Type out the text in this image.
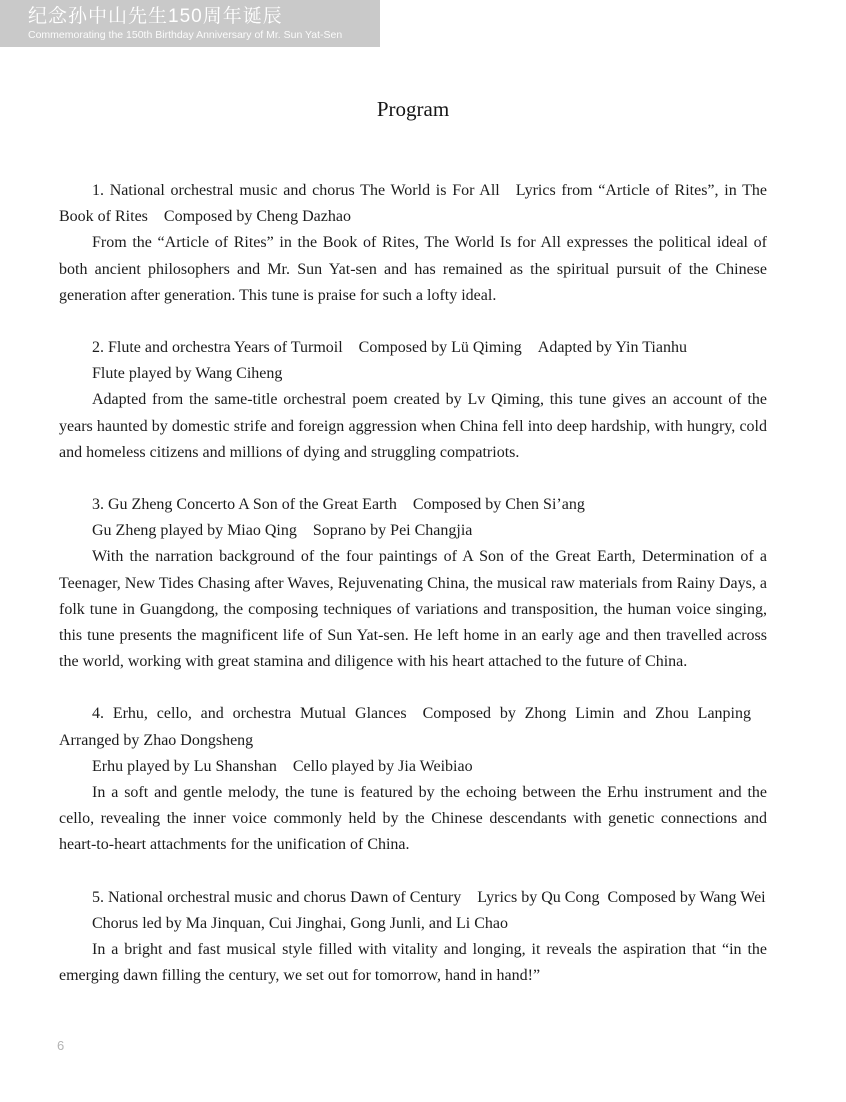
纪念孙中山先生150周年诞辰
Commemorating the 150th Birthday Anniversary of Mr. Sun Yat-Sen
Program

1. National orchestral music and chorus The World is For All Lyrics from “Article of Rites”, in The Book of Rites Composed by Cheng Dazhao

From the “Article of Rites” in the Book of Rites, The World Is for All expresses the political ideal of both ancient philosophers and Mr. Sun Yat-sen and has remained as the spiritual pursuit of the Chinese generation after generation. This tune is praise for such a lofty ideal.

2. Flute and orchestra Years of Turmoil Composed by Lü Qiming Adapted by Yin Tianhu

Flute played by Wang Ciheng

Adapted from the same-title orchestral poem created by Lv Qiming, this tune gives an account of the years haunted by domestic strife and foreign aggression when China fell into deep hardship, with hungry, cold and homeless citizens and millions of dying and struggling compatriots.

3. Gu Zheng Concerto A Son of the Great Earth Composed by Chen Si’ang

Gu Zheng played by Miao Qing Soprano by Pei Changjia

With the narration background of the four paintings of A Son of the Great Earth, Determination of a Teenager, New Tides Chasing after Waves, Rejuvenating China, the musical raw materials from Rainy Days, a folk tune in Guangdong, the composing techniques of variations and transposition, the human voice singing, this tune presents the magnificent life of Sun Yat-sen. He left home in an early age and then travelled across the world, working with great stamina and diligence with his heart attached to the future of China.

4. Erhu, cello, and orchestra Mutual Glances Composed by Zhong Limin and Zhou Lanping Arranged by Zhao Dongsheng

Erhu played by Lu Shanshan Cello played by Jia Weibiao

In a soft and gentle melody, the tune is featured by the echoing between the Erhu instrument and the cello, revealing the inner voice commonly held by the Chinese descendants with genetic connections and heart-to-heart attachments for the unification of China.

5. National orchestral music and chorus Dawn of Century Lyrics by Qu Cong Composed by Wang Wei

Chorus led by Ma Jinquan, Cui Jinghai, Gong Junli, and Li Chao

In a bright and fast musical style filled with vitality and longing, it reveals the aspiration that “in the emerging dawn filling the century, we set out for tomorrow, hand in hand!”

6
